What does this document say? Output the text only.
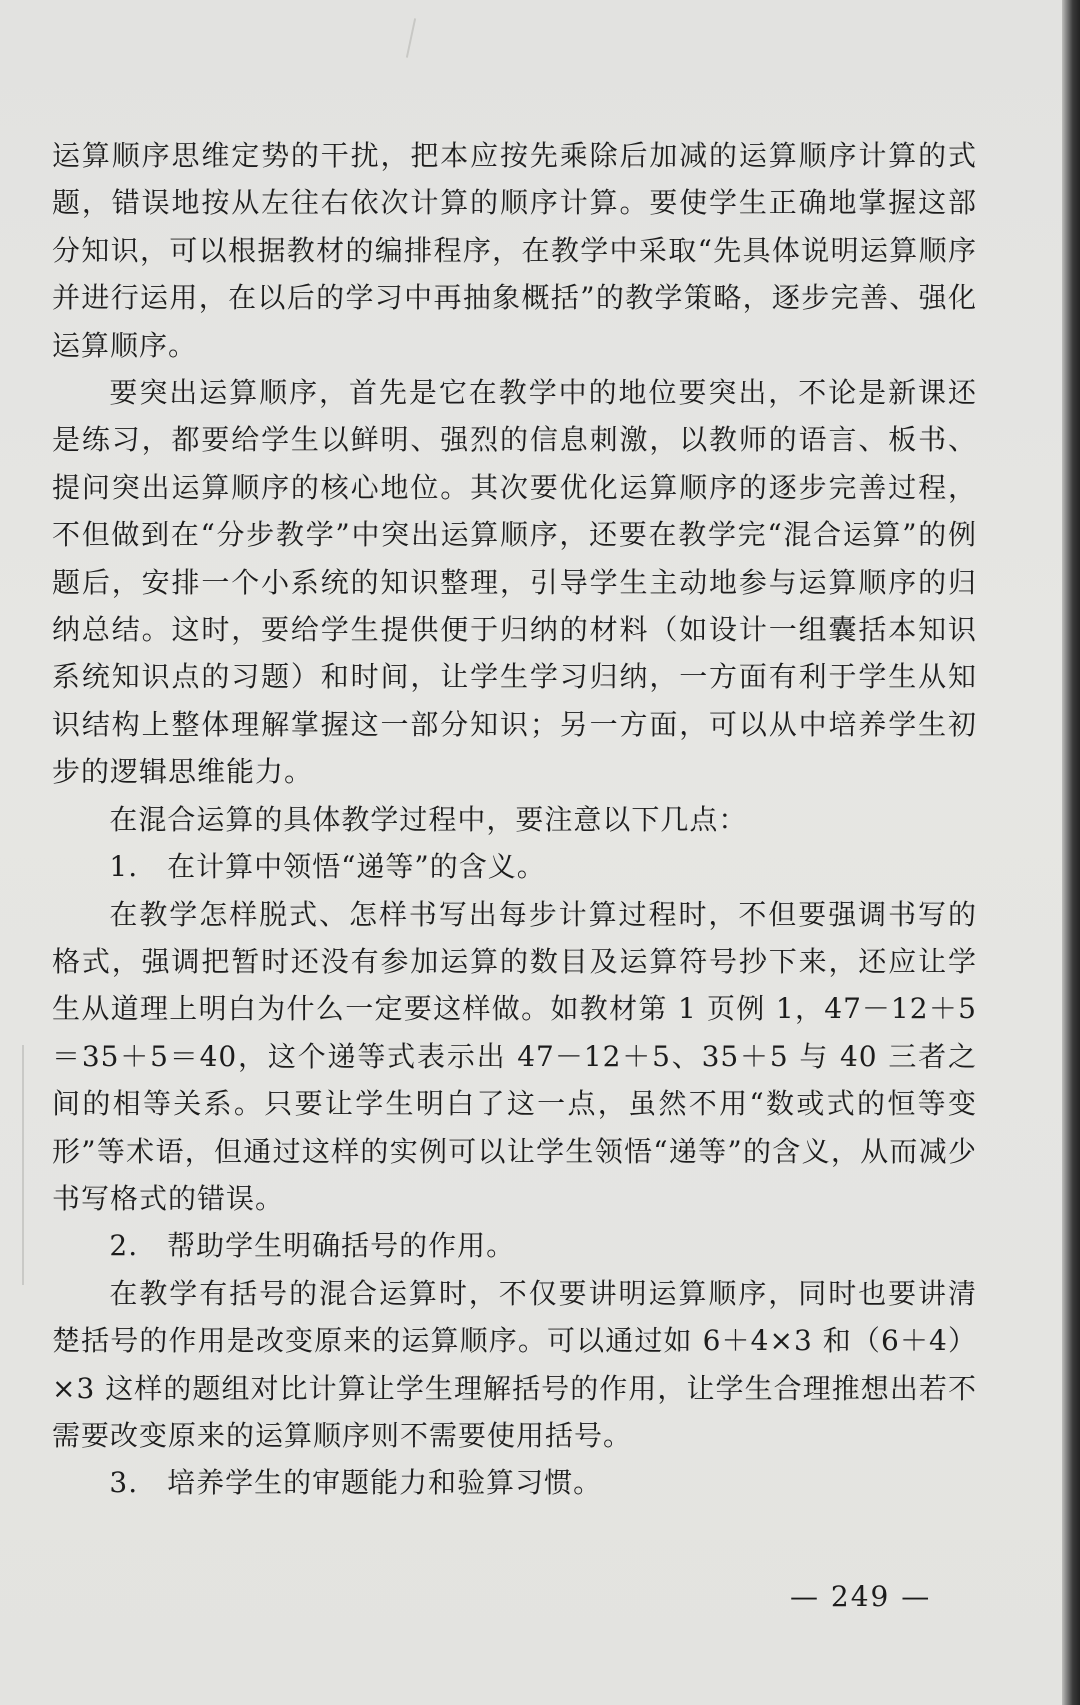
运算顺序思维定势的干扰，把本应按先乘除后加减的运算顺序计算的式题，错误地按从左往右依次计算的顺序计算。要使学生正确地掌握这部分知识，可以根据教材的编排程序，在教学中采取“先具体说明运算顺序并进行运用，在以后的学习中再抽象概括”的教学策略，逐步完善、强化运算顺序。

要突出运算顺序，首先是它在教学中的地位要突出，不论是新课还是练习，都要给学生以鲜明、强烈的信息刺激，以教师的语言、板书、提问突出运算顺序的核心地位。其次要优化运算顺序的逐步完善过程，不但做到在“分步教学”中突出运算顺序，还要在教学完“混合运算”的例题后，安排一个小系统的知识整理，引导学生主动地参与运算顺序的归纳总结。这时，要给学生提供便于归纳的材料（如设计一组囊括本知识系统知识点的习题）和时间，让学生学习归纳，一方面有利于学生从知识结构上整体理解掌握这一部分知识；另一方面，可以从中培养学生初步的逻辑思维能力。

在混合运算的具体教学过程中，要注意以下几点：

1.　在计算中领悟“递等”的含义。

在教学怎样脱式、怎样书写出每步计算过程时，不但要强调书写的格式，强调把暂时还没有参加运算的数目及运算符号抄下来，还应让学生从道理上明白为什么一定要这样做。如教材第 1 页例 1，47－12＋5＝35＋5＝40，这个递等式表示出 47－12＋5、35＋5 与 40 三者之间的相等关系。只要让学生明白了这一点，虽然不用“数或式的恒等变形”等术语，但通过这样的实例可以让学生领悟“递等”的含义，从而减少书写格式的错误。

2.　帮助学生明确括号的作用。

在教学有括号的混合运算时，不仅要讲明运算顺序，同时也要讲清楚括号的作用是改变原来的运算顺序。可以通过如 6＋4×3 和（6＋4）×3 这样的题组对比计算让学生理解括号的作用，让学生合理推想出若不需要改变原来的运算顺序则不需要使用括号。

3.　培养学生的审题能力和验算习惯。

— 249 —
